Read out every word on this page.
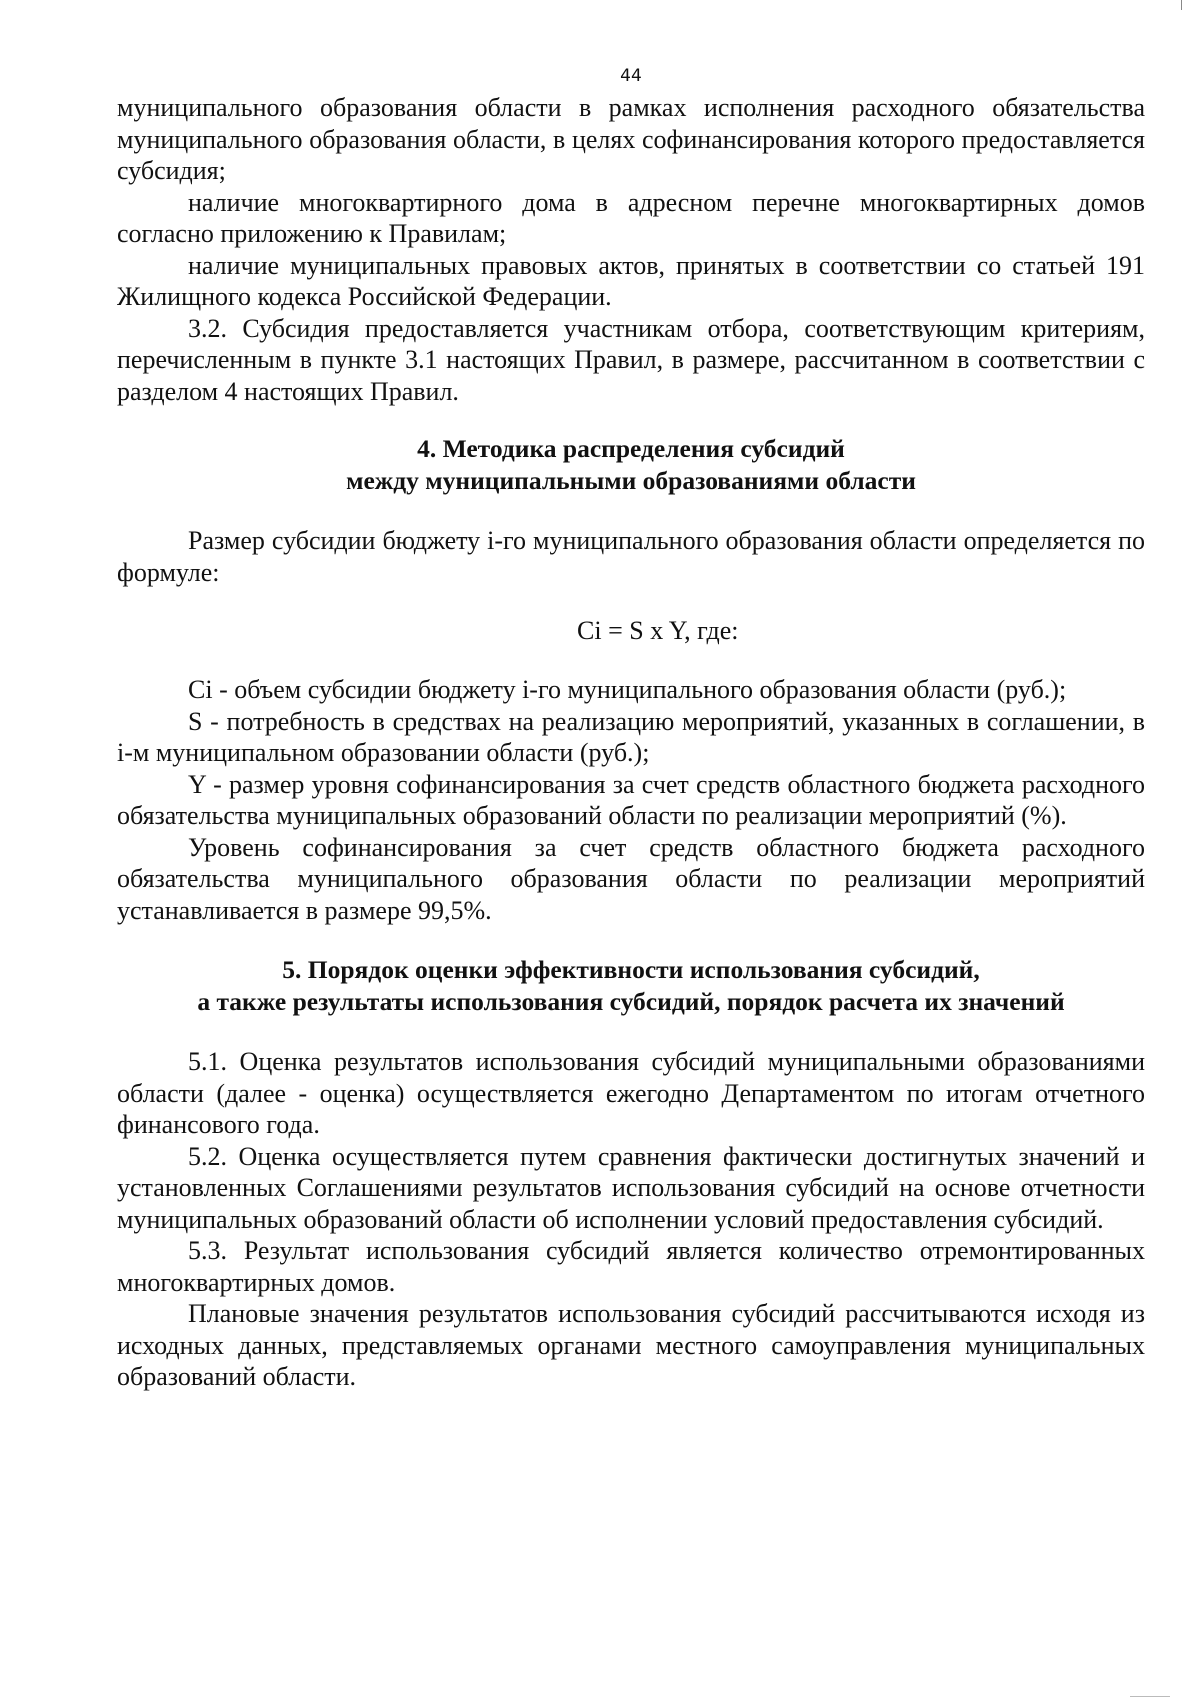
44

муниципального образования области в рамках исполнения расходного обязательства муниципального образования области, в целях софинансирования которого предоставляется субсидия;

наличие многоквартирного дома в адресном перечне многоквартирных домов согласно приложению к Правилам;

наличие муниципальных правовых актов, принятых в соответствии со статьей 191 Жилищного кодекса Российской Федерации.

3.2. Субсидия предоставляется участникам отбора, соответствующим критериям, перечисленным в пункте 3.1 настоящих Правил, в размере, рассчитанном в соответствии с разделом 4 настоящих Правил.

4. Методика распределения субсидий
между муниципальными образованиями области

Размер субсидии бюджету i-го муниципального образования области определяется по формуле:

Ci = S x Y, где:

Ci - объем субсидии бюджету i-го муниципального образования области (руб.);

S - потребность в средствах на реализацию мероприятий, указанных в соглашении, в i-м муниципальном образовании области (руб.);

Y - размер уровня софинансирования за счет средств областного бюджета расходного обязательства муниципальных образований области по реализации мероприятий (%).

Уровень софинансирования за счет средств областного бюджета расходного обязательства муниципального образования области по реализации мероприятий устанавливается в размере 99,5%.

5. Порядок оценки эффективности использования субсидий,
а также результаты использования субсидий, порядок расчета их значений

5.1. Оценка результатов использования субсидий муниципальными образованиями области (далее - оценка) осуществляется ежегодно Департаментом по итогам отчетного финансового года.

5.2. Оценка осуществляется путем сравнения фактически достигнутых значений и установленных Соглашениями результатов использования субсидий на основе отчетности муниципальных образований области об исполнении условий предоставления субсидий.

5.3. Результат использования субсидий является количество отремонтированных многоквартирных домов.

Плановые значения результатов использования субсидий рассчитываются исходя из исходных данных, представляемых органами местного самоуправления муниципальных образований области.
